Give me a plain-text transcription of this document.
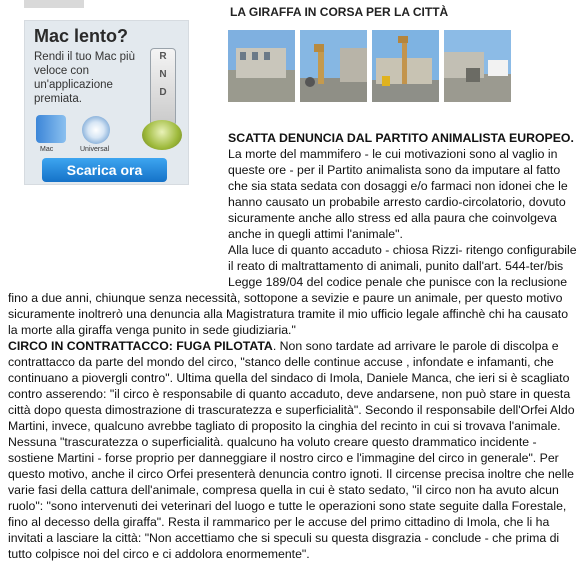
Mac lento?
Rendi il tuo Mac più veloce con un'applicazione premiata.
R
N
D
Mac	Universal
Scarica ora
LA GIRAFFA IN CORSA PER LA CITTÀ

SCATTA DENUNCIA DAL PARTITO ANIMALISTA EUROPEO. La morte del mammifero - le cui motivazioni sono al vaglio in queste ore - per il Partito animalista sono da imputare al fatto che sia stata sedata con dosaggi e/o farmaci non idonei che le hanno causato un probabile arresto cardio-circolatorio, dovuto sicuramente anche allo stress ed alla paura che coinvolgeva anche in quegli attimi l'animale".

Alla luce di quanto accaduto - chiosa Rizzi- ritengo configurabile il reato di maltrattamento di animali, punito dall'art. 544-ter/bis Legge 189/04 del codice penale che punisce con la reclusione fino a due anni, chiunque senza necessità, sottopone a sevizie e paure un animale, per questo motivo sicuramente inoltrerò una denuncia alla Magistratura tramite il mio ufficio legale affinchè chi ha causato la morte alla giraffa venga punito in sede giudiziaria."

CIRCO IN CONTRATTACCO: FUGA PILOTATA. Non sono tardate ad arrivare le parole di discolpa e contrattacco da parte del mondo del circo, "stanco delle continue accuse , infondate e infamanti, che continuano a piovergli contro". Ultima quella del sindaco di Imola, Daniele Manca, che ieri si è scagliato contro asserendo: "il circo è responsabile di quanto accaduto, deve andarsene, non può stare in questa città dopo questa dimostrazione di trascuratezza e superficialità". Secondo il responsabile dell'Orfei Aldo Martini, invece, qualcuno avrebbe tagliato di proposito la cinghia del recinto in cui si trovava l'animale. Nessuna "trascuratezza o superficialità. qualcuno ha voluto creare questo drammatico incidente - sostiene Martini - forse proprio per danneggiare il nostro circo e l'immagine del circo in generale". Per questo motivo, anche il circo Orfei presenterà denuncia contro ignoti. Il circense precisa inoltre che nelle varie fasi della cattura dell'animale, compresa quella in cui è stato sedato, "il circo non ha avuto alcun ruolo": "sono intervenuti dei veterinari del luogo e tutte le operazioni sono state seguite dalla Forestale, fino al decesso della giraffa". Resta il rammarico per le accuse del primo cittadino di Imola, che li ha invitati a lasciare la città: "Non accettiamo che si speculi su questa disgrazia - conclude - che prima di tutto colpisce noi del circo e ci addolora enormemente".
